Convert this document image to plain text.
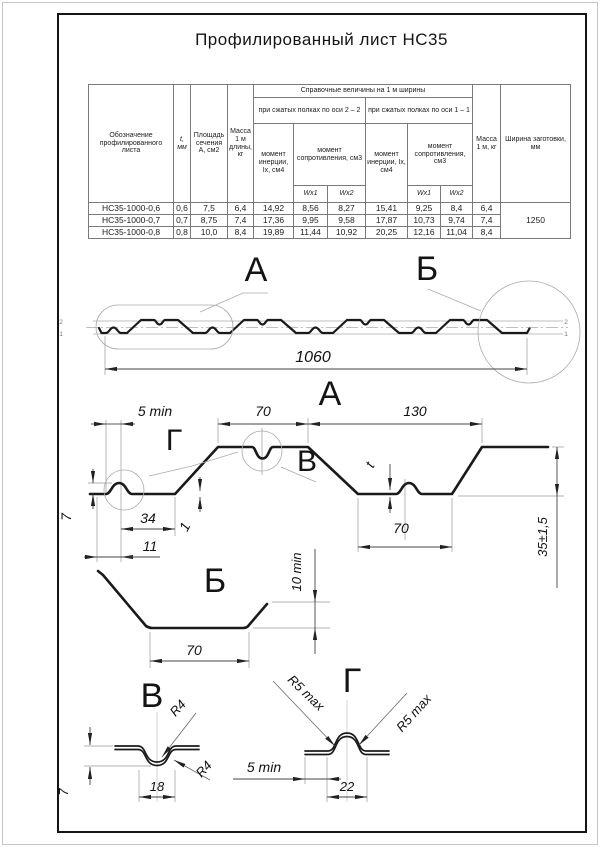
Профилированный лист НС35
Обозначение профилированного листа	t, мм	Площадь сечения А, см2	Масса 1 м длины, кг	Справочные величины на 1 м ширины						Масса 1 м, кг	Ширина заготовки, мм
				при сжатых полках по оси 2 – 2			при сжатых полках по оси 1 – 1				
				момент инерции, Ix, см4	момент сопротивления, см3		момент инерции, Ix, см4	момент сопротивления, см3			
					Wx1	Wx2		Wx1	Wx2		
НС35-1000-0,6	0,6	7,5	6,4	14,92	8,56	8,27	15,41	9,25	8,4	6,4	1250
НС35-1000-0,7	0,7	8,75	7,4	17,36	9,95	9,58	17,87	10,73	9,74	7,4	
НС35-1000-0,8	0,8	10,0	8,4	19,89	11,44	10,92	20,25	12,16	11,04	8,4	
А	Б
2
1
2
1
1060
А
5 min	70	130
Г
В
7	34
11
1
t
70	35±1,5
Б
70
10 min
В R4
R4
18
7
Г
R5 max	R5 max
5 min
22
